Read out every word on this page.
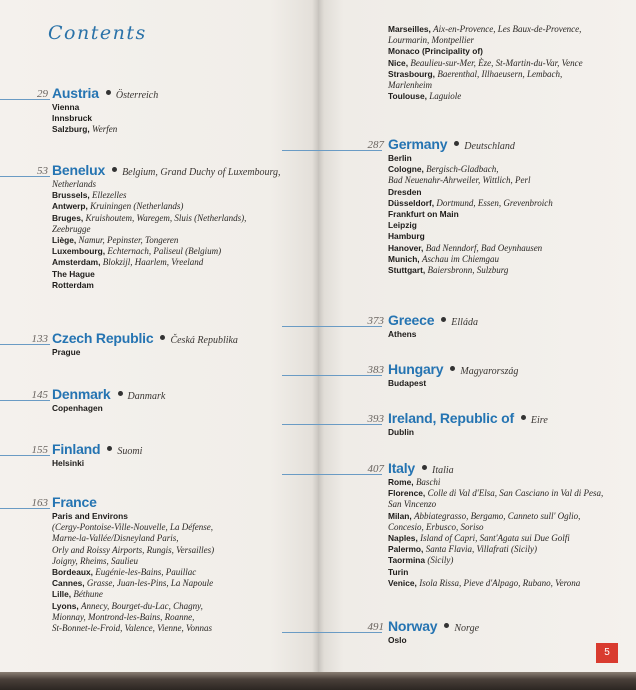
Contents
29 Austria Österreich
Vienna
Innsbruck
Salzburg, Werfen
53 Benelux Belgium, Grand Duchy of Luxembourg,
Netherlands
Brussels, Ellezelles
Antwerp, Kruiningen (Netherlands)
Bruges, Kruishoutem, Waregem, Sluis (Netherlands),
Zeebrugge
Liège, Namur, Pepinster, Tongeren
Luxembourg, Echternach, Paliseul (Belgium)
Amsterdam, Blokzijl, Haarlem, Vreeland
The Hague
Rotterdam
133 Czech Republic Česká Republika
Prague
145 Denmark Danmark
Copenhagen
155 Finland Suomi
Helsinki
163 France
Paris and Environs
(Cergy-Pontoise-Ville-Nouvelle, La Défense,
Marne-la-Vallée/Disneyland Paris,
Orly and Roissy Airports, Rungis, Versailles)
Joigny, Rheims, Saulieu
Bordeaux, Eugénie-les-Bains, Pauillac
Cannes, Grasse, Juan-les-Pins, La Napoule
Lille, Béthune
Lyons, Annecy, Bourget-du-Lac, Chagny,
Mionnay, Montrond-les-Bains, Roanne,
St-Bonnet-le-Froid, Valence, Vienne, Vonnas
287 Germany Deutschland
Berlin
Cologne, Bergisch-Gladbach,
Bad Neuenahr-Ahrweiler, Wittlich, Perl
Dresden
Düsseldorf, Dortmund, Essen, Grevenbroich
Frankfurt on Main
Leipzig
Hamburg
Hanover, Bad Nenndorf, Bad Oeynhausen
Munich, Aschau im Chiemgau
Stuttgart, Baiersbronn, Sulzburg
373 Greece Elláda
Athens
383 Hungary Magyarország
Budapest
393 Ireland, Republic of Eire
Dublin
407 Italy Italia
Rome, Baschi
Florence, Colle di Val d'Elsa, San Casciano in Val di Pesa,
San Vincenzo
Milan, Abbiategrasso, Bergamo, Canneto sull' Oglio,
Concesio, Erbusco, Soriso
Naples, Island of Capri, Sant'Agata sui Due Golfi
Palermo, Santa Flavia, Villafrati (Sicily)
Taormina (Sicily)
Turin
Venice, Isola Rissa, Pieve d'Alpago, Rubano, Verona
491 Norway Norge
Oslo
Marseilles, Aix-en-Provence, Les Baux-de-Provence,
Lourmarin, Montpellier
Monaco (Principality of)
Nice, Beaulieu-sur-Mer, Èze, St-Martin-du-Var, Vence
Strasbourg, Baerenthal, Illhaeusern, Lembach,
Marlenheim
Toulouse, Laguiole
5
